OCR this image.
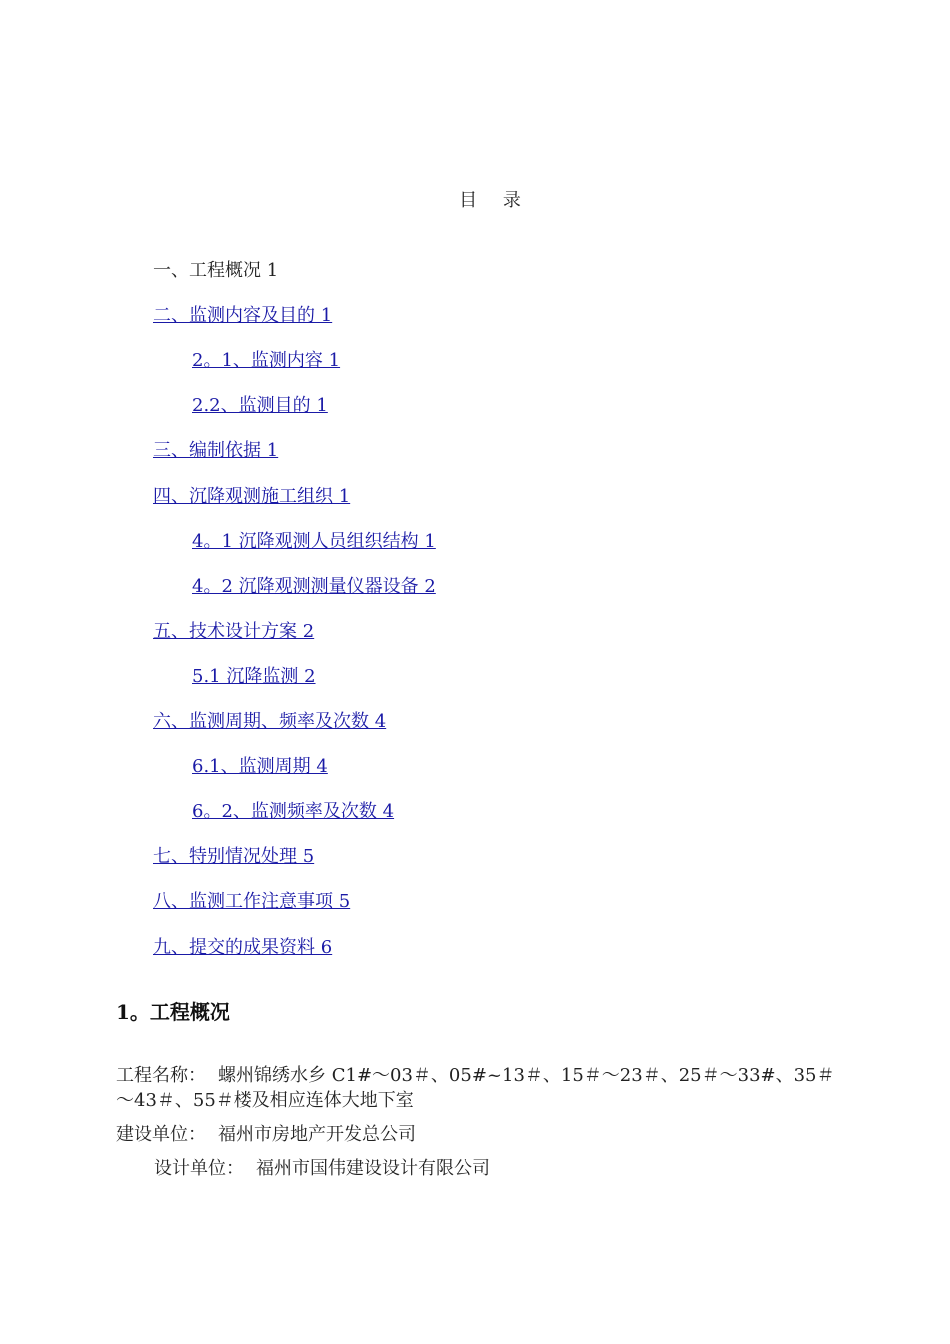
目 录
一、工程概况 1
二、监测内容及目的 1
2。1、监测内容 1
2.2、监测目的 1
三、编制依据 1
四、沉降观测施工组织 1
4。1 沉降观测人员组织结构 1
4。2 沉降观测测量仪器设备 2
五、技术设计方案 2
5.1 沉降监测 2
六、监测周期、频率及次数 4
6.1、监测周期 4
6。2、监测频率及次数 4
七、特别情况处理 5
八、监测工作注意事项 5
九、提交的成果资料 6
1。工程概况
工程名称： 螺州锦绣水乡 C1#～03＃、05#~13＃、15＃～23＃、25＃～33#、35＃～43＃、55＃楼及相应连体大地下室
建设单位： 福州市房地产开发总公司
设计单位： 福州市国伟建设设计有限公司
